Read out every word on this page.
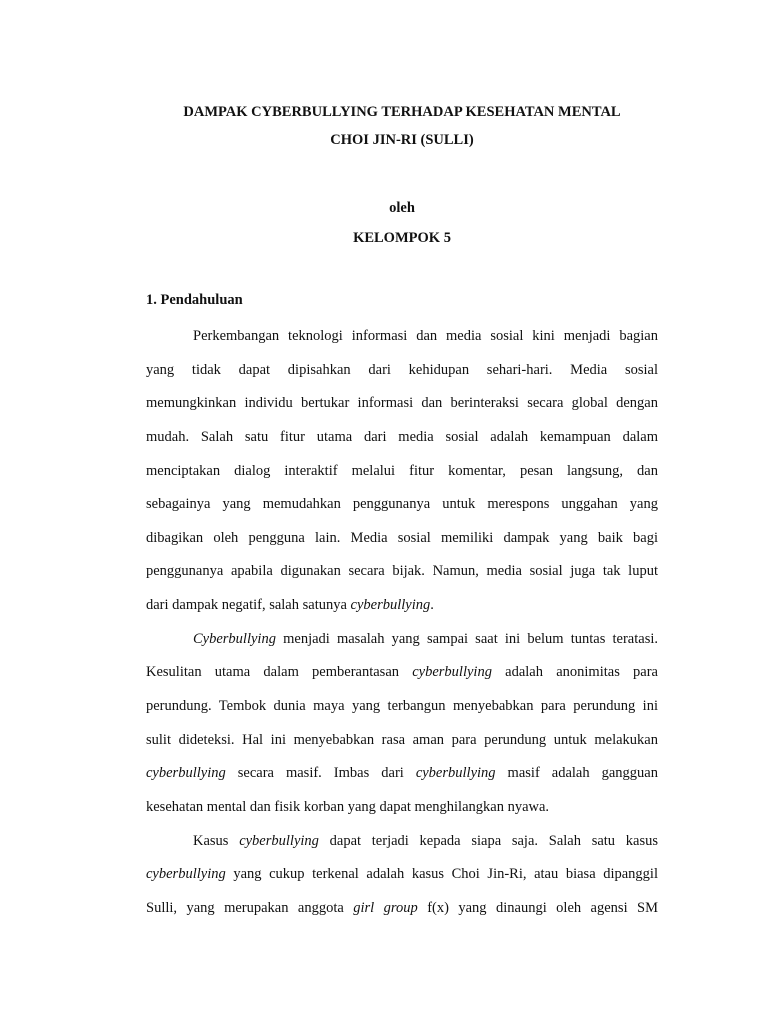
DAMPAK CYBERBULLYING TERHADAP KESEHATAN MENTAL
CHOI JIN-RI (SULLI)
oleh
KELOMPOK 5
1. Pendahuluan
Perkembangan teknologi informasi dan media sosial kini menjadi bagian
yang tidak dapat dipisahkan dari kehidupan sehari-hari. Media sosial
memungkinkan individu bertukar informasi dan berinteraksi secara global dengan
mudah. Salah satu fitur utama dari media sosial adalah kemampuan dalam
menciptakan dialog interaktif melalui fitur komentar, pesan langsung, dan
sebagainya yang memudahkan penggunanya untuk merespons unggahan yang
dibagikan oleh pengguna lain. Media sosial memiliki dampak yang baik bagi
penggunanya apabila digunakan secara bijak. Namun, media sosial juga tak luput
dari dampak negatif, salah satunya cyberbullying.
Cyberbullying menjadi masalah yang sampai saat ini belum tuntas teratasi.
Kesulitan utama dalam pemberantasan cyberbullying adalah anonimitas para
perundung. Tembok dunia maya yang terbangun menyebabkan para perundung ini
sulit dideteksi. Hal ini menyebabkan rasa aman para perundung untuk melakukan
cyberbullying secara masif. Imbas dari cyberbullying masif adalah gangguan
kesehatan mental dan fisik korban yang dapat menghilangkan nyawa.
Kasus cyberbullying dapat terjadi kepada siapa saja. Salah satu kasus
cyberbullying yang cukup terkenal adalah kasus Choi Jin-Ri, atau biasa dipanggil
Sulli, yang merupakan anggota girl group f(x) yang dinaungi oleh agensi SM
